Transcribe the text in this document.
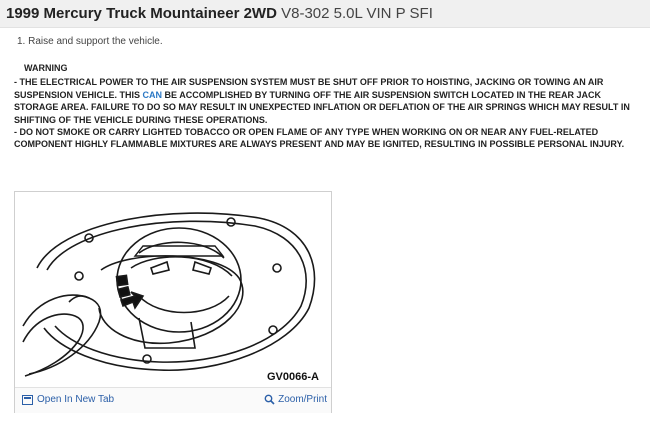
1999 Mercury Truck Mountaineer 2WD V8-302 5.0L VIN P SFI
1. Raise and support the vehicle.
WARNING
- THE ELECTRICAL POWER TO THE AIR SUSPENSION SYSTEM MUST BE SHUT OFF PRIOR TO HOISTING, JACKING OR TOWING AN AIR SUSPENSION VEHICLE. THIS CAN BE ACCOMPLISHED BY TURNING OFF THE AIR SUSPENSION SWITCH LOCATED IN THE REAR JACK STORAGE AREA. FAILURE TO DO SO MAY RESULT IN UNEXPECTED INFLATION OR DEFLATION OF THE AIR SPRINGS WHICH MAY RESULT IN SHIFTING OF THE VEHICLE DURING THESE OPERATIONS.
- DO NOT SMOKE OR CARRY LIGHTED TOBACCO OR OPEN FLAME OF ANY TYPE WHEN WORKING ON OR NEAR ANY FUEL-RELATED COMPONENT HIGHLY FLAMMABLE MIXTURES ARE ALWAYS PRESENT AND MAY BE IGNITED, RESULTING IN POSSIBLE PERSONAL INJURY.
GV0066-A
Open In New Tab	Zoom/Print
